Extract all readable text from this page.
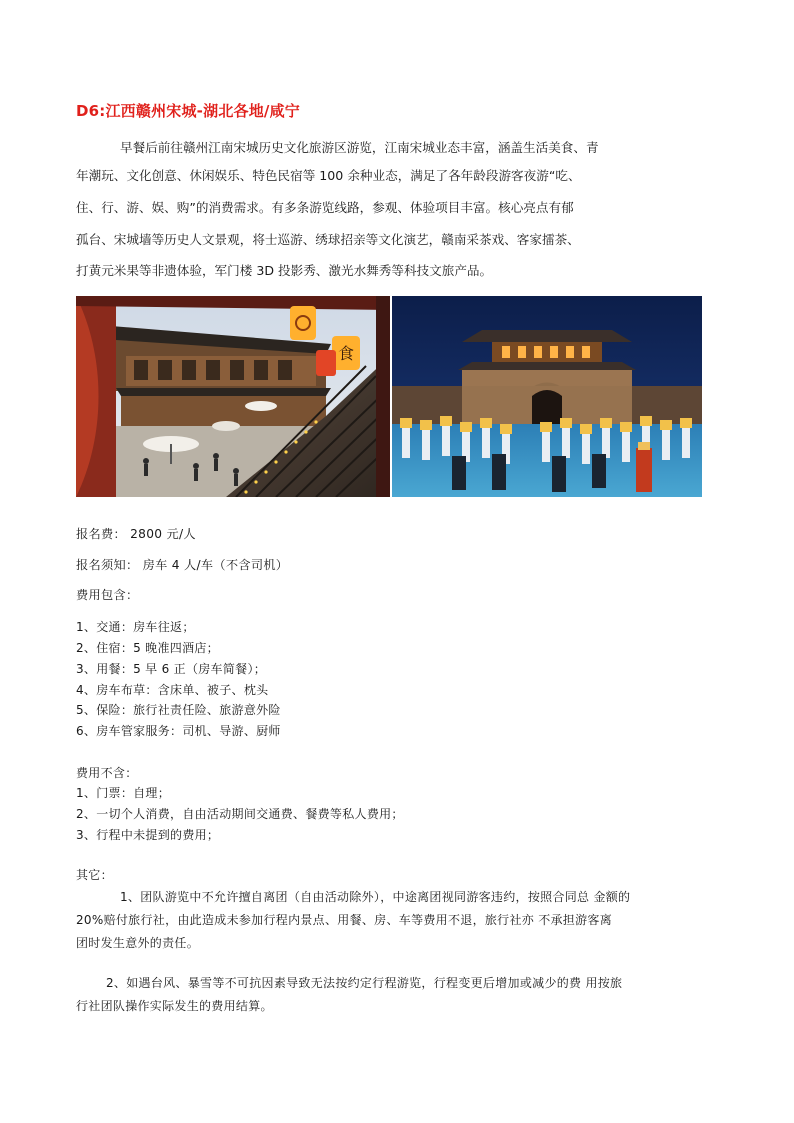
D6:江西赣州宋城-湖北各地/咸宁
早餐后前往赣州江南宋城历史文化旅游区游览，江南宋城业态丰富，涵盖生活美食、青
年潮玩、文化创意、休闲娱乐、特色民宿等 100 余种业态，满足了各年龄段游客夜游“吃、
住、行、游、娱、购”的消费需求。有多条游览线路，参观、体验项目丰富。核心亮点有郁
孤台、宋城墙等历史人文景观，将士巡游、绣球招亲等文化演艺，赣南采茶戏、客家擂茶、
打黄元米果等非遗体验，军门楼 3D 投影秀、激光水舞秀等科技文旅产品。
食
报名费： 2800 元/人
报名须知： 房车 4 人/车（不含司机）
费用包含：
1、交通：房车往返；
2、住宿：5 晚准四酒店；
3、用餐：5 早 6 正（房车简餐）；
4、房车布草：含床单、被子、枕头
5、保险：旅行社责任险、旅游意外险
6、房车管家服务：司机、导游、厨师
费用不含：
1、门票：自理；
2、一切个人消费，自由活动期间交通费、餐费等私人费用；
3、行程中未提到的费用；
其它：
1、团队游览中不允许擅自离团（自由活动除外），中途离团视同游客违约，按照合同总 金额的
20%赔付旅行社，由此造成未参加行程内景点、用餐、房、车等费用不退，旅行社亦 不承担游客离
团时发生意外的责任。
2、如遇台风、暴雪等不可抗因素导致无法按约定行程游览，行程变更后增加或减少的费 用按旅
行社团队操作实际发生的费用结算。
